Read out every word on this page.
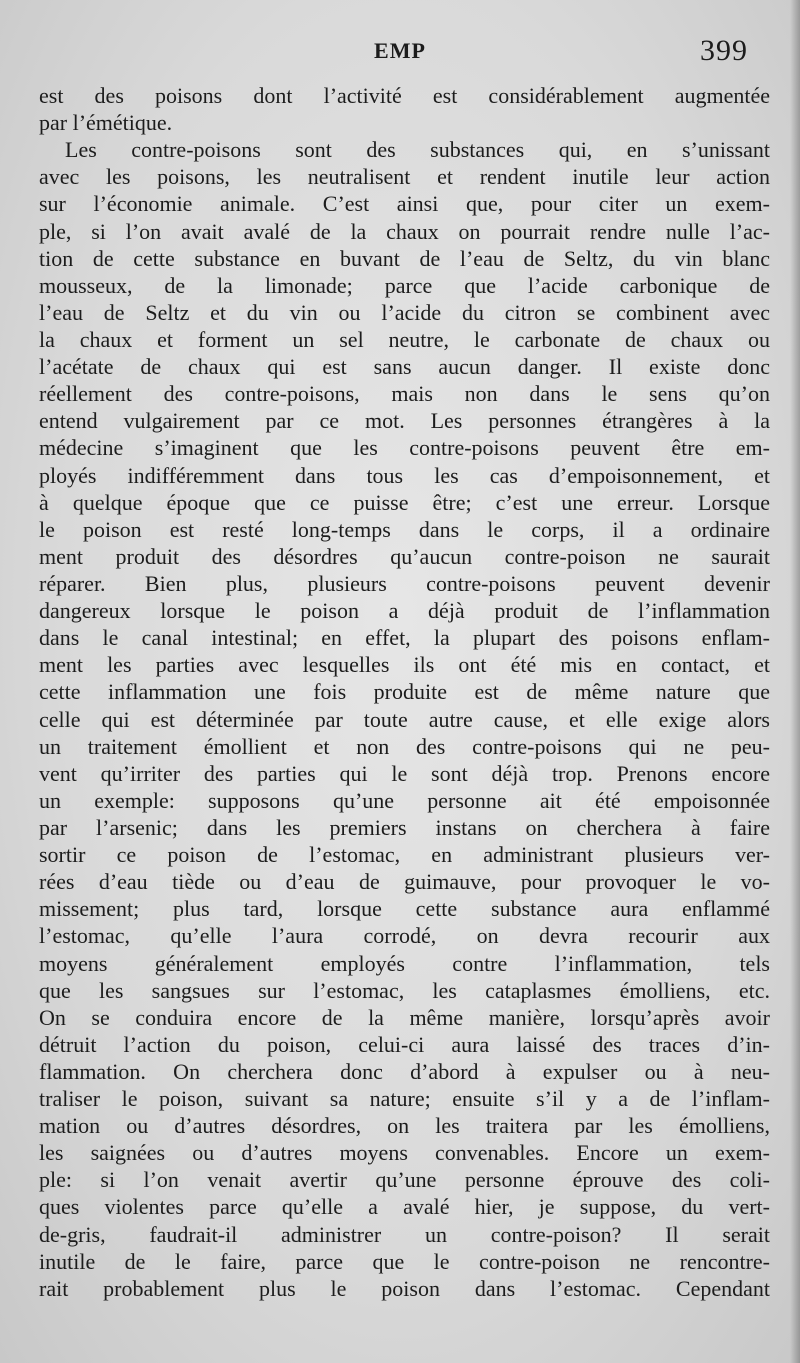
EMP	399
est des poisons dont l’activité est considérablement augmentée
par l’émétique.
Les contre-poisons sont des substances qui, en s’unissant
avec les poisons, les neutralisent et rendent inutile leur action
sur l’économie animale. C’est ainsi que, pour citer un exem-
ple, si l’on avait avalé de la chaux on pourrait rendre nulle l’ac-
tion de cette substance en buvant de l’eau de Seltz, du vin blanc
mousseux, de la limonade; parce que l’acide carbonique de
l’eau de Seltz et du vin ou l’acide du citron se combinent avec
la chaux et forment un sel neutre, le carbonate de chaux ou
l’acétate de chaux qui est sans aucun danger. Il existe donc
réellement des contre-poisons, mais non dans le sens qu’on
entend vulgairement par ce mot. Les personnes étrangères à la
médecine s’imaginent que les contre-poisons peuvent être em-
ployés indifféremment dans tous les cas d’empoisonnement, et
à quelque époque que ce puisse être; c’est une erreur. Lorsque
le poison est resté long-temps dans le corps, il a ordinaire
ment produit des désordres qu’aucun contre-poison ne saurait
réparer. Bien plus, plusieurs contre-poisons peuvent devenir
dangereux lorsque le poison a déjà produit de l’inflammation
dans le canal intestinal; en effet, la plupart des poisons enflam-
ment les parties avec lesquelles ils ont été mis en contact, et
cette inflammation une fois produite est de même nature que
celle qui est déterminée par toute autre cause, et elle exige alors
un traitement émollient et non des contre-poisons qui ne peu-
vent qu’irriter des parties qui le sont déjà trop. Prenons encore
un exemple: supposons qu’une personne ait été empoisonnée
par l’arsenic; dans les premiers instans on cherchera à faire
sortir ce poison de l’estomac, en administrant plusieurs ver-
rées d’eau tiède ou d’eau de guimauve, pour provoquer le vo-
missement; plus tard, lorsque cette substance aura enflammé
l’estomac, qu’elle l’aura corrodé, on devra recourir aux
moyens généralement employés contre l’inflammation, tels
que les sangsues sur l’estomac, les cataplasmes émolliens, etc.
On se conduira encore de la même manière, lorsqu’après avoir
détruit l’action du poison, celui-ci aura laissé des traces d’in-
flammation. On cherchera donc d’abord à expulser ou à neu-
traliser le poison, suivant sa nature; ensuite s’il y a de l’inflam-
mation ou d’autres désordres, on les traitera par les émolliens,
les saignées ou d’autres moyens convenables. Encore un exem-
ple: si l’on venait avertir qu’une personne éprouve des coli-
ques violentes parce qu’elle a avalé hier, je suppose, du vert-
de-gris, faudrait-il administrer un contre-poison? Il serait
inutile de le faire, parce que le contre-poison ne rencontre-
rait probablement plus le poison dans l’estomac. Cependant
